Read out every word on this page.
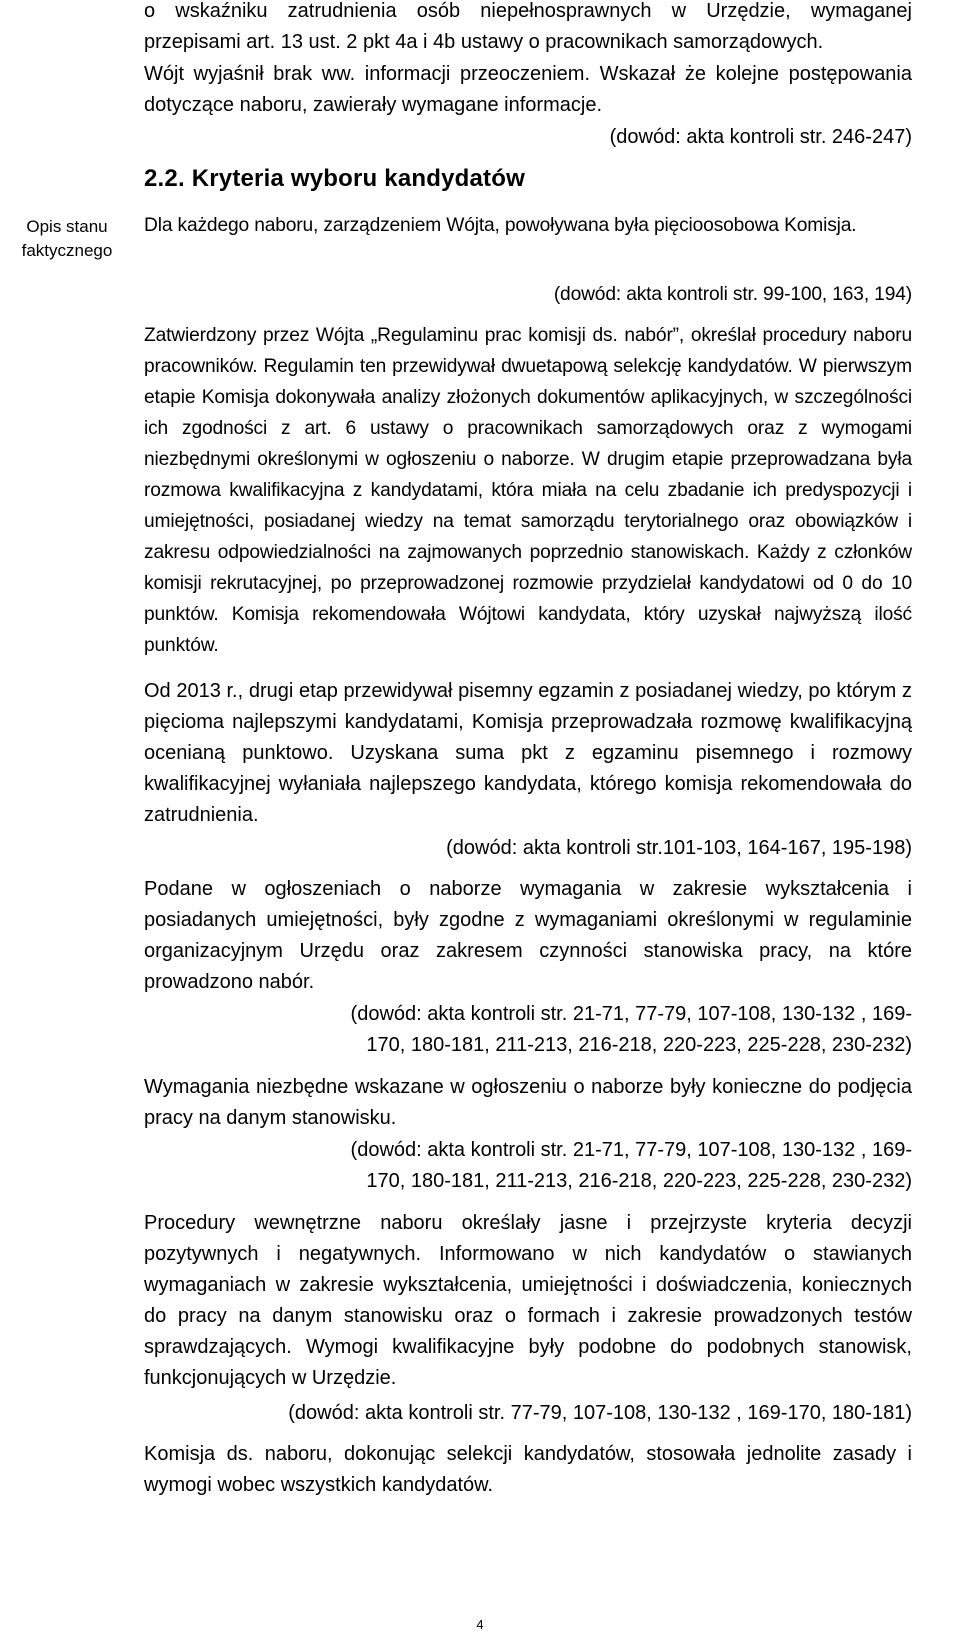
Opis stanu
faktycznego

o wskaźniku zatrudnienia osób niepełnosprawnych w Urzędzie, wymaganej przepisami art. 13 ust. 2 pkt 4a i 4b ustawy o pracownikach samorządowych.

Wójt wyjaśnił brak ww. informacji przeoczeniem. Wskazał że kolejne postępowania dotyczące naboru, zawierały wymagane informacje.

(dowód: akta kontroli str. 246-247)

2.2. Kryteria wyboru kandydatów

Dla każdego naboru, zarządzeniem Wójta, powoływana była pięcioosobowa Komisja.

(dowód: akta kontroli str. 99-100, 163, 194)

Zatwierdzony przez Wójta „Regulaminu prac komisji ds. nabór”, określał procedury naboru pracowników. Regulamin ten przewidywał dwuetapową selekcję kandydatów. W pierwszym etapie Komisja dokonywała analizy złożonych dokumentów aplikacyjnych, w szczególności ich zgodności z art. 6 ustawy o pracownikach samorządowych oraz z wymogami niezbędnymi określonymi w ogłoszeniu o naborze. W drugim etapie przeprowadzana była rozmowa kwalifikacyjna z kandydatami, która miała na celu zbadanie ich predyspozycji i umiejętności, posiadanej wiedzy na temat samorządu terytorialnego oraz obowiązków i zakresu odpowiedzialności na zajmowanych poprzednio stanowiskach. Każdy z członków komisji rekrutacyjnej, po przeprowadzonej rozmowie przydzielał kandydatowi od 0 do 10 punktów. Komisja rekomendowała Wójtowi kandydata, który uzyskał najwyższą ilość punktów.

Od 2013 r., drugi etap przewidywał pisemny egzamin z posiadanej wiedzy, po którym z pięcioma najlepszymi kandydatami, Komisja przeprowadzała rozmowę kwalifikacyjną ocenianą punktowo. Uzyskana suma pkt z egzaminu pisemnego i rozmowy kwalifikacyjnej wyłaniała najlepszego kandydata, którego komisja rekomendowała do zatrudnienia.

(dowód: akta kontroli str.101-103, 164-167, 195-198)

Podane w ogłoszeniach o naborze wymagania w zakresie wykształcenia i posiadanych umiejętności, były zgodne z wymaganiami określonymi w regulaminie organizacyjnym Urzędu oraz zakresem czynności stanowiska pracy, na które prowadzono nabór.

(dowód: akta kontroli str. 21-71, 77-79, 107-108, 130-132 , 169-
170, 180-181, 211-213, 216-218, 220-223, 225-228, 230-232)

Wymagania niezbędne wskazane w ogłoszeniu o naborze były konieczne do podjęcia pracy na danym stanowisku.

(dowód: akta kontroli str. 21-71, 77-79, 107-108, 130-132 , 169-
170, 180-181, 211-213, 216-218, 220-223, 225-228, 230-232)

Procedury wewnętrzne naboru określały jasne i przejrzyste kryteria decyzji pozytywnych i negatywnych. Informowano w nich kandydatów o stawianych wymaganiach w zakresie wykształcenia, umiejętności i doświadczenia, koniecznych do pracy na danym stanowisku oraz o formach i zakresie prowadzonych testów sprawdzających. Wymogi kwalifikacyjne były podobne do podobnych stanowisk, funkcjonujących w Urzędzie.

(dowód: akta kontroli str. 77-79, 107-108, 130-132 , 169-170, 180-181)

Komisja ds. naboru, dokonując selekcji kandydatów, stosowała jednolite zasady i wymogi wobec wszystkich kandydatów.

4
